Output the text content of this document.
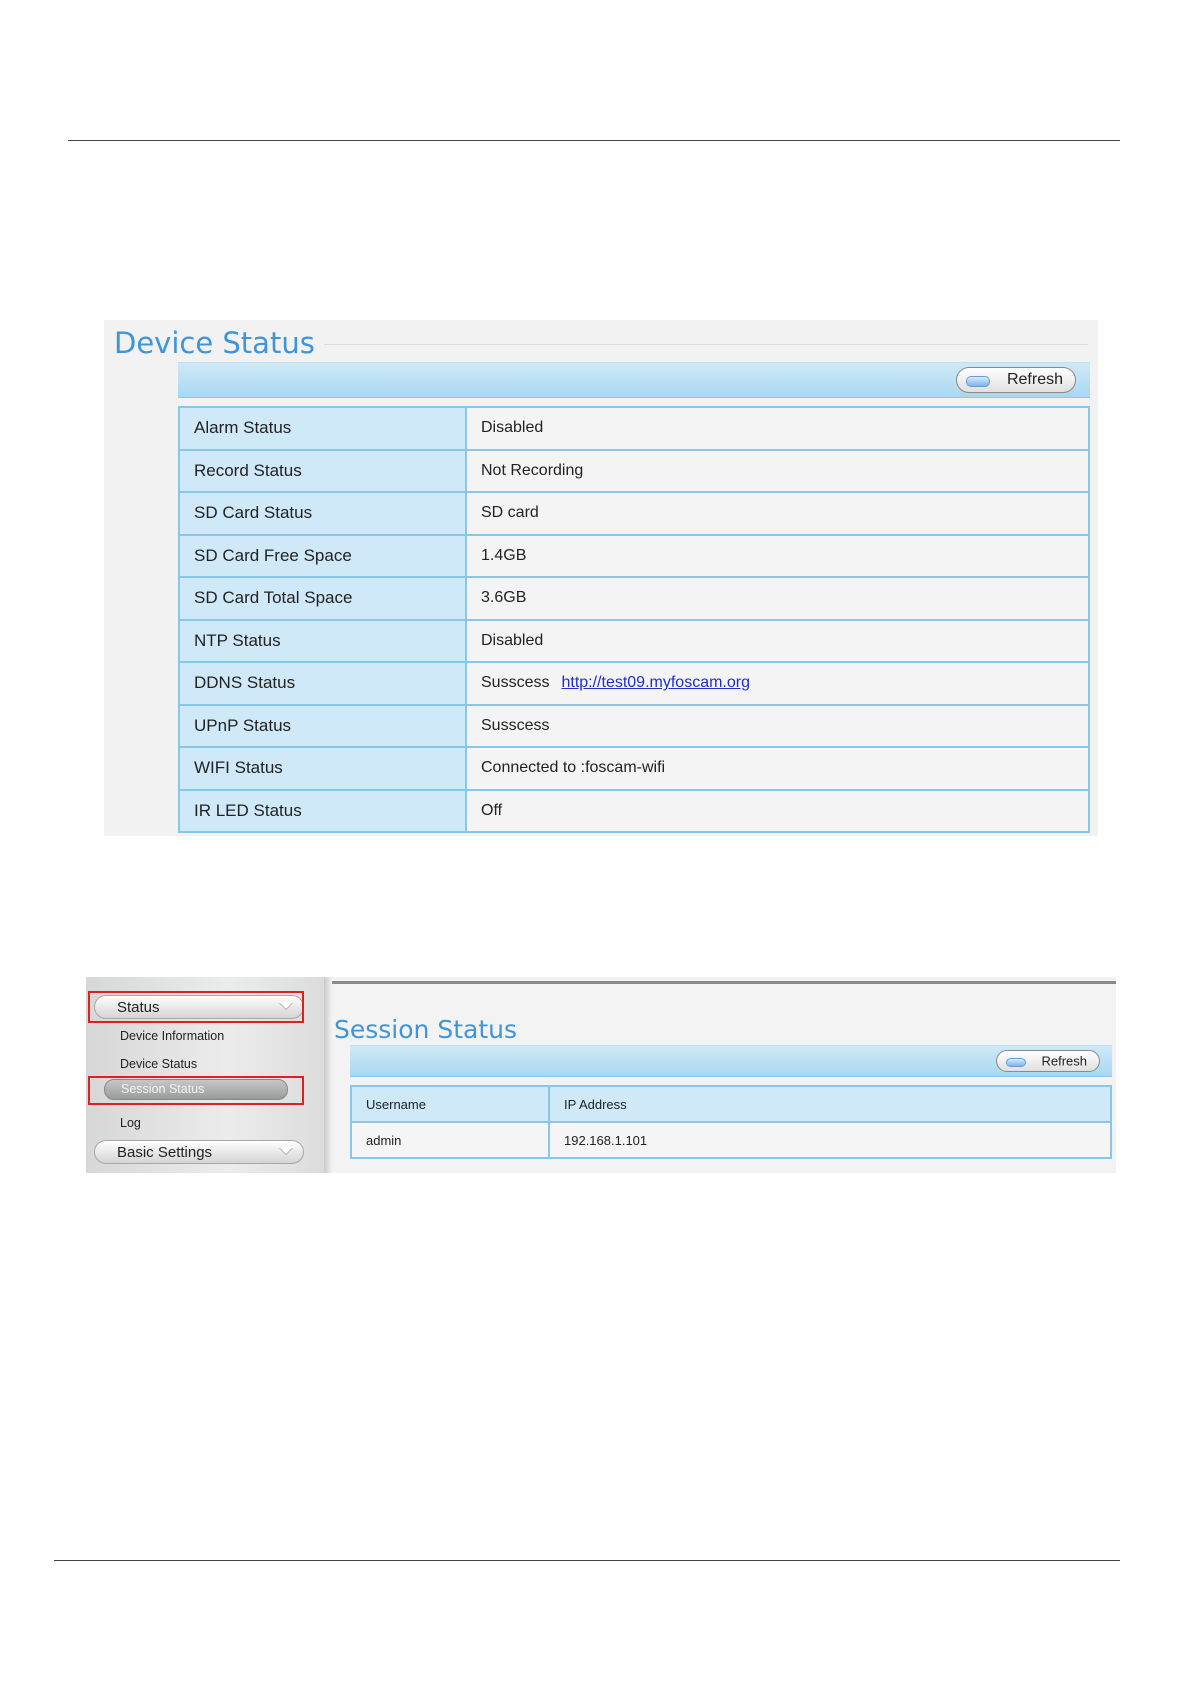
Device Status
Refresh
Alarm Status	Disabled
Record Status	Not Recording
SD Card Status	SD card
SD Card Free Space	1.4GB
SD Card Total Space	3.6GB
NTP Status	Disabled
DDNS Status	Susscess http://test09.myfoscam.org
UPnP Status	Susscess
WIFI Status	Connected to :foscam-wifi
IR LED Status	Off
Status
Device Information
Device Status
Session Status
Log
Basic Settings
Session Status
Refresh
Username	IP Address
admin	192.168.1.101
